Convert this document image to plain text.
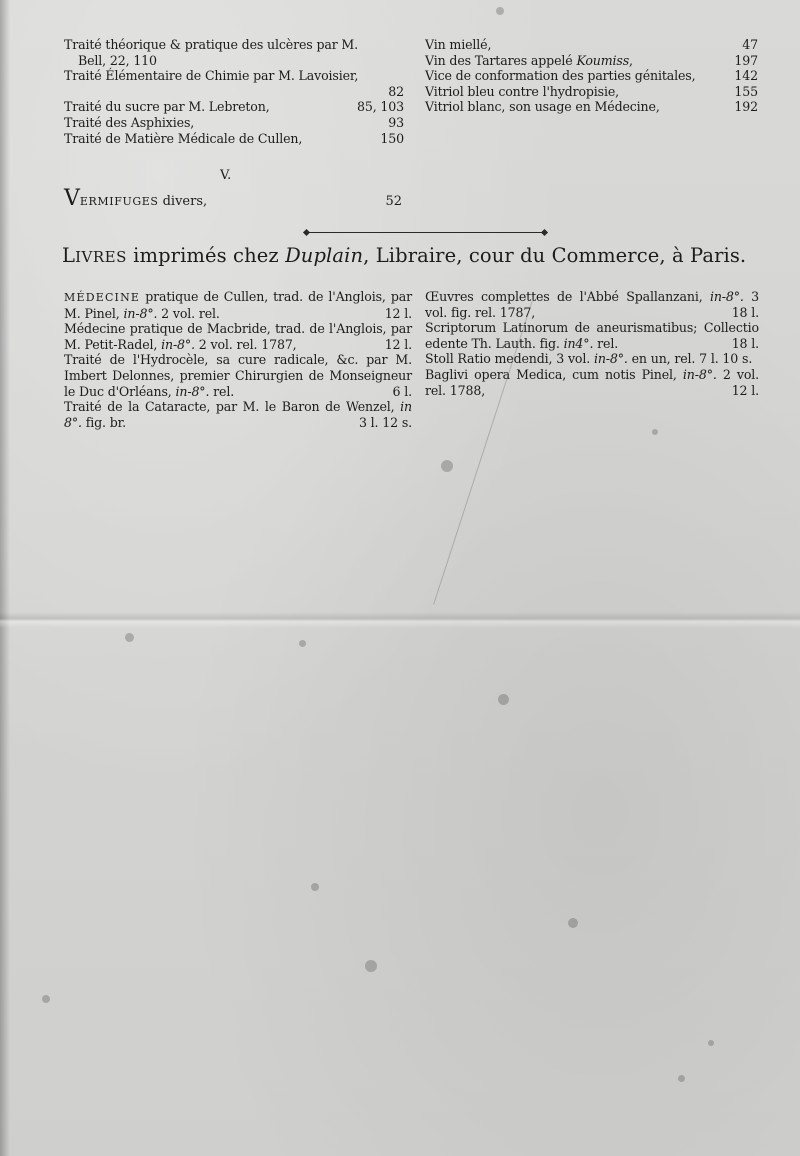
Traité théorique & pratique des ulcères par M.
Bell, 22, 110
Traité Élémentaire de Chimie par M. Lavoisier,
82
Traité du sucre par M. Lebreton,	85, 103
Traité des Asphixies,	93
Traité de Matière Médicale de Cullen,	150
Vin miellé,	47
Vin des Tartares appelé Koumiss,	197
Vice de conformation des parties génitales,	142
Vitriol bleu contre l'hydropisie,	155
Vitriol blanc, son usage en Médecine,	192
V.
VERMIFUGES divers,	52
LIVRES imprimés chez Duplain, Libraire, cour du Commerce, à Paris.
MÉDECINE pratique de Cullen, trad. de l'Anglois, par M. Pinel, in-8°. 2 vol. rel.	12 l.
Médecine pratique de Macbride, trad. de l'Anglois, par M. Petit-Radel, in-8°. 2 vol. rel. 1787,	12 l.
Traité de l'Hydrocèle, sa cure radicale, &c. par M. Imbert Delonnes, premier Chirurgien de Monseigneur le Duc d'Orléans, in-8°. rel.	6 l.
Traité de la Cataracte, par M. le Baron de Wenzel, in 8°. fig. br.	3 l. 12 s.
Œuvres complettes de l'Abbé Spallanzani, in-8°. 3 vol. fig. rel. 1787,	18 l.
Scriptorum Latinorum de aneurismatibus; Collectio edente Th. Lauth. fig. in4°. rel.	18 l.
Stoll Ratio medendi, 3 vol. in-8°. en un, rel. 7 l. 10 s.
Baglivi opera Medica, cum notis Pinel, in-8°. 2 vol. rel. 1788,	12 l.
